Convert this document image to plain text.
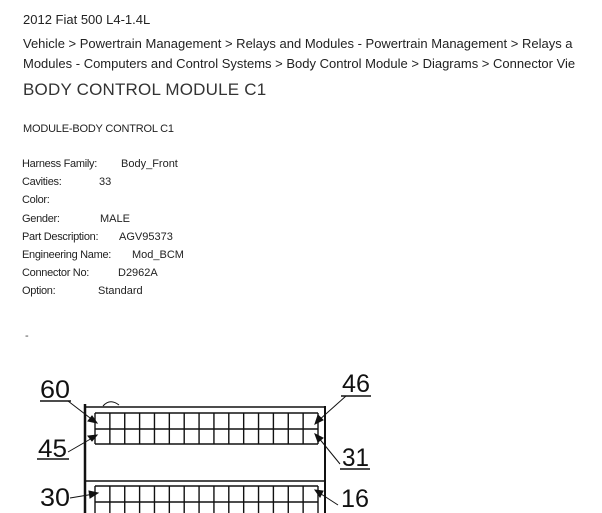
2012 Fiat 500 L4-1.4L
Vehicle > Powertrain Management > Relays and Modules - Powertrain Management > Relays a
Modules - Computers and Control Systems > Body Control Module > Diagrams > Connector Vie
BODY CONTROL MODULE C1
MODULE-BODY CONTROL C1
Harness Family: Body_Front
Cavities:	33
Color:
Gender:	MALE
Part Description: AGV95373
Engineering Name: Mod_BCM
Connector No:	D2962A
Option:	Standard
-
60	46
45	31
30	16
